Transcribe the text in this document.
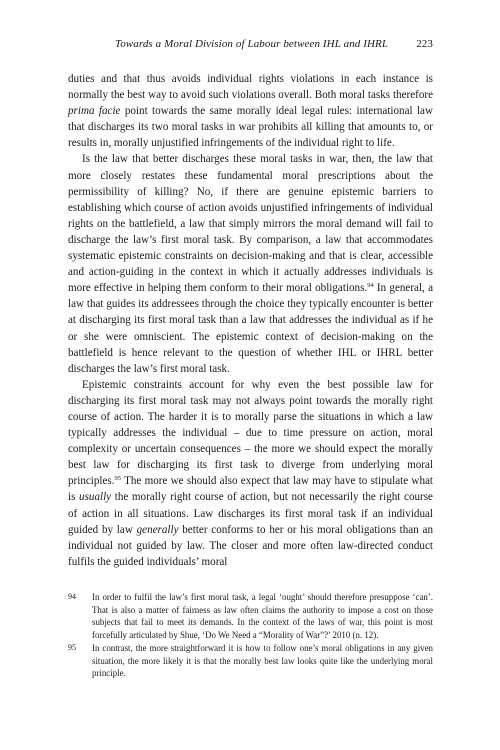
Towards a Moral Division of Labour between IHL and IHRL	223

duties and that thus avoids individual rights violations in each instance is normally the best way to avoid such violations overall. Both moral tasks therefore prima facie point towards the same morally ideal legal rules: international law that discharges its two moral tasks in war prohibits all killing that amounts to, or results in, morally unjustified infringements of the individual right to life.

Is the law that better discharges these moral tasks in war, then, the law that more closely restates these fundamental moral prescriptions about the permissibility of killing? No, if there are genuine epistemic barriers to establishing which course of action avoids unjustified infringements of individual rights on the battlefield, a law that simply mirrors the moral demand will fail to discharge the law’s first moral task. By comparison, a law that accommodates systematic epistemic constraints on decision-making and that is clear, accessible and action-guiding in the context in which it actually addresses individuals is more effective in helping them conform to their moral obligations.$^{94}$ In general, a law that guides its addressees through the choice they typically encounter is better at discharging its first moral task than a law that addresses the individual as if he or she were omniscient. The epistemic context of decision-making on the battlefield is hence relevant to the question of whether IHL or IHRL better discharges the law’s first moral task.

Epistemic constraints account for why even the best possible law for discharging its first moral task may not always point towards the morally right course of action. The harder it is to morally parse the situations in which a law typically addresses the individual – due to time pressure on action, moral complexity or uncertain consequences – the more we should expect the morally best law for discharging its first task to diverge from underlying moral principles.$^{95}$ The more we should also expect that law may have to stipulate what is usually the morally right course of action, but not necessarily the right course of action in all situations. Law discharges its first moral task if an individual guided by law generally better conforms to her or his moral obligations than an individual not guided by law. The closer and more often law-directed conduct fulfils the guided individuals’ moral

94 In order to fulfil the law’s first moral task, a legal ‘ought’ should therefore presuppose ‘can’. That is also a matter of fairness as law often claims the authority to impose a cost on those subjects that fail to meet its demands. In the context of the laws of war, this point is most forcefully articulated by Shue, ‘Do We Need a “Morality of War”?’ 2010 (n. 12).
95 In contrast, the more straightforward it is how to follow one’s moral obligations in any given situation, the more likely it is that the morally best law looks quite like the underlying moral principle.
